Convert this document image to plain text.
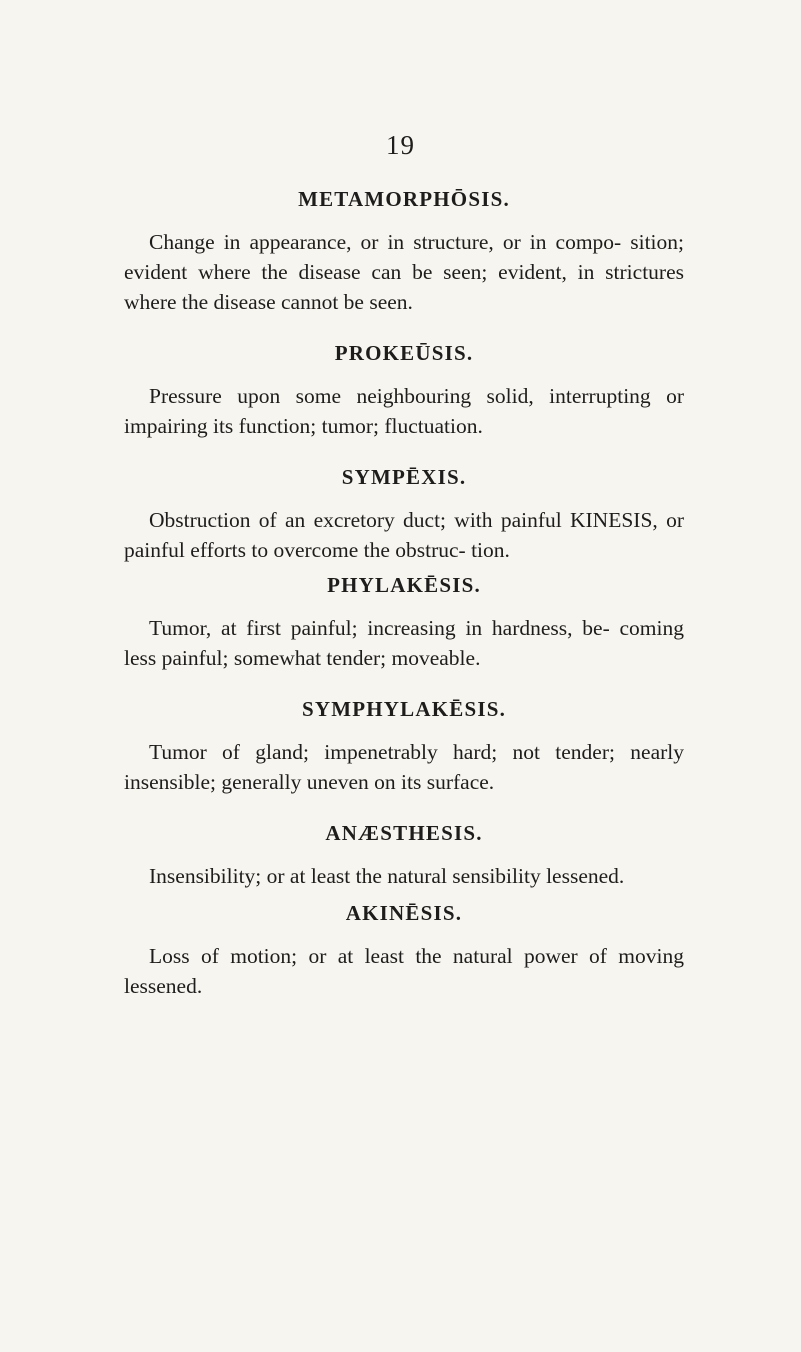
19

METAMORPHŌSIS.

Change in appearance, or in structure, or in compo- sition; evident where the disease can be seen; evident, in strictures where the disease cannot be seen.

PROKEŪSIS.

Pressure upon some neighbouring solid, interrupting or impairing its function; tumor; fluctuation.

SYMPĒXIS.

Obstruction of an excretory duct; with painful KINESIS, or painful efforts to overcome the obstruc- tion.

PHYLAKĒSIS.

Tumor, at first painful; increasing in hardness, be- coming less painful; somewhat tender; moveable.

SYMPHYLAKĒSIS.

Tumor of gland; impenetrably hard; not tender; nearly insensible; generally uneven on its surface.

ANÆSTHESIS.

Insensibility; or at least the natural sensibility lessened.

AKINĒSIS.

Loss of motion; or at least the natural power of moving lessened.
